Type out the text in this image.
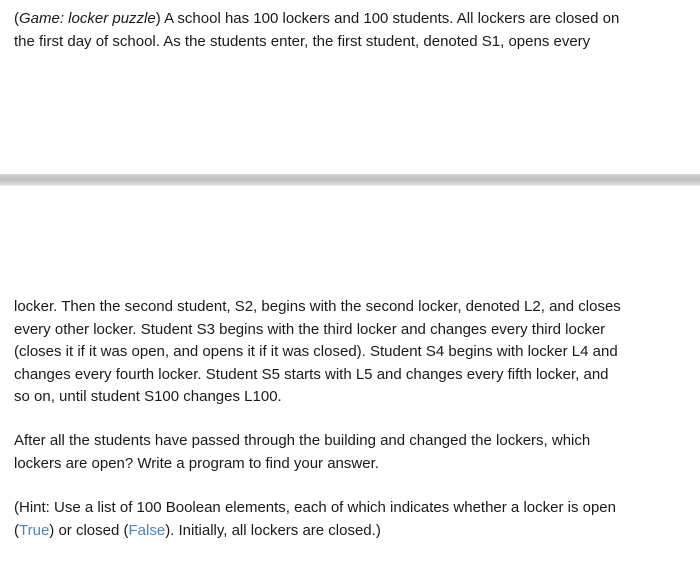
(Game: locker puzzle) A school has 100 lockers and 100 students. All lockers are closed on
the first day of school. As the students enter, the first student, denoted S1, opens every

locker. Then the second student, S2, begins with the second locker, denoted L2, and closes
every other locker. Student S3 begins with the third locker and changes every third locker
(closes it if it was open, and opens it if it was closed). Student S4 begins with locker L4 and
changes every fourth locker. Student S5 starts with L5 and changes every fifth locker, and
so on, until student S100 changes L100.

After all the students have passed through the building and changed the lockers, which
lockers are open? Write a program to find your answer.

(Hint: Use a list of 100 Boolean elements, each of which indicates whether a locker is open
(True) or closed (False). Initially, all lockers are closed.)
